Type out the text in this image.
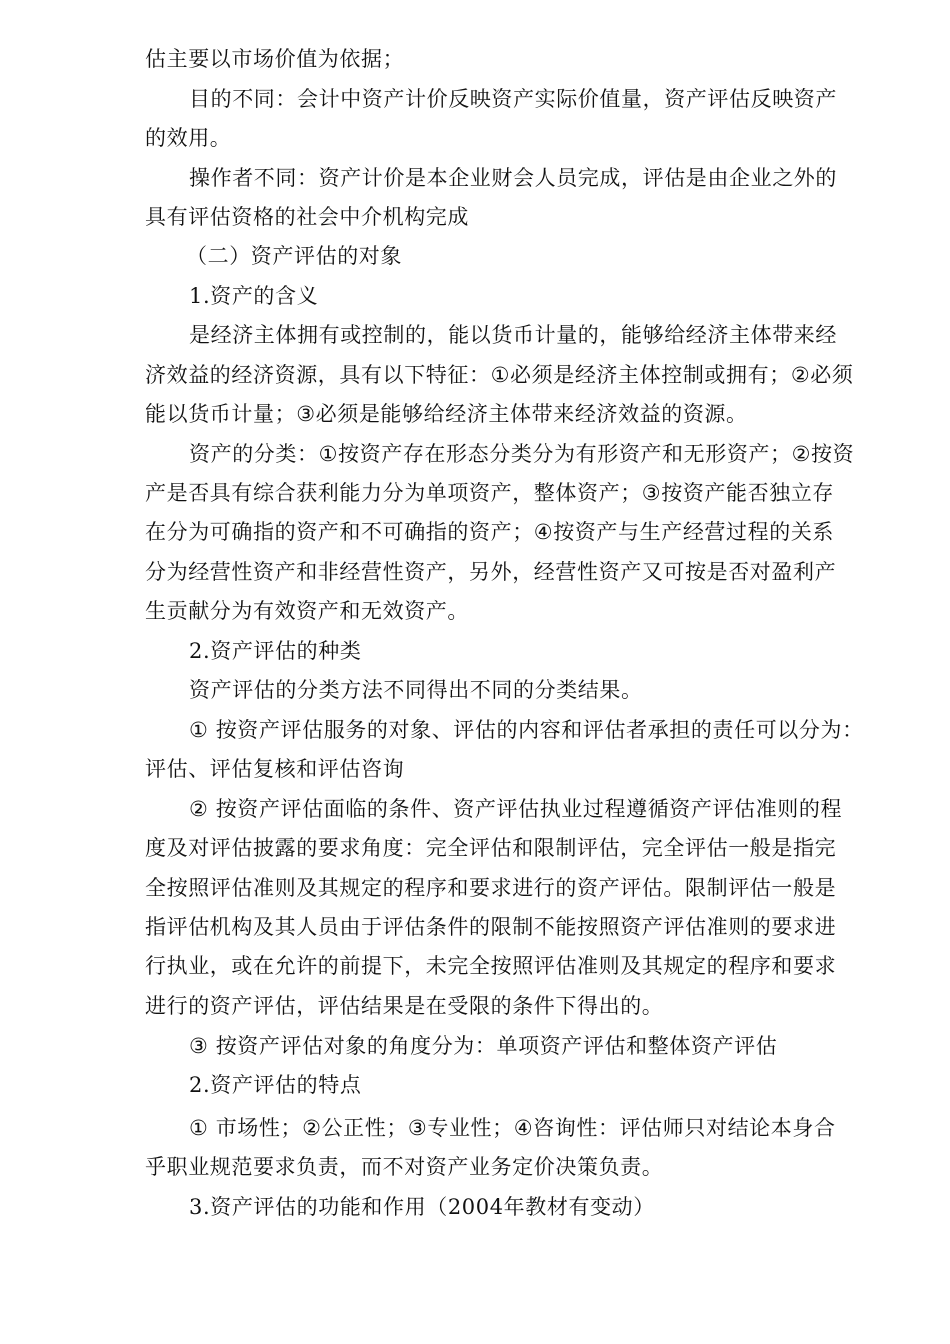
估主要以市场价值为依据；
目的不同：会计中资产计价反映资产实际价值量，资产评估反映资产
的效用。
操作者不同：资产计价是本企业财会人员完成，评估是由企业之外的
具有评估资格的社会中介机构完成
（二）资产评估的对象
1.资产的含义
是经济主体拥有或控制的，能以货币计量的，能够给经济主体带来经
济效益的经济资源，具有以下特征：①必须是经济主体控制或拥有；②必须
能以货币计量；③必须是能够给经济主体带来经济效益的资源。
资产的分类：①按资产存在形态分类分为有形资产和无形资产；②按资
产是否具有综合获利能力分为单项资产，整体资产；③按资产能否独立存
在分为可确指的资产和不可确指的资产；④按资产与生产经营过程的关系
分为经营性资产和非经营性资产，另外，经营性资产又可按是否对盈利产
生贡献分为有效资产和无效资产。
2.资产评估的种类
资产评估的分类方法不同得出不同的分类结果。
① 按资产评估服务的对象、评估的内容和评估者承担的责任可以分为：
评估、评估复核和评估咨询
② 按资产评估面临的条件、资产评估执业过程遵循资产评估准则的程
度及对评估披露的要求角度：完全评估和限制评估，完全评估一般是指完
全按照评估准则及其规定的程序和要求进行的资产评估。限制评估一般是
指评估机构及其人员由于评估条件的限制不能按照资产评估准则的要求进
行执业，或在允许的前提下，未完全按照评估准则及其规定的程序和要求
进行的资产评估，评估结果是在受限的条件下得出的。
③ 按资产评估对象的角度分为：单项资产评估和整体资产评估
2.资产评估的特点
① 市场性；②公正性；③专业性；④咨询性：评估师只对结论本身合
乎职业规范要求负责，而不对资产业务定价决策负责。
3.资产评估的功能和作用（2004年教材有变动）
